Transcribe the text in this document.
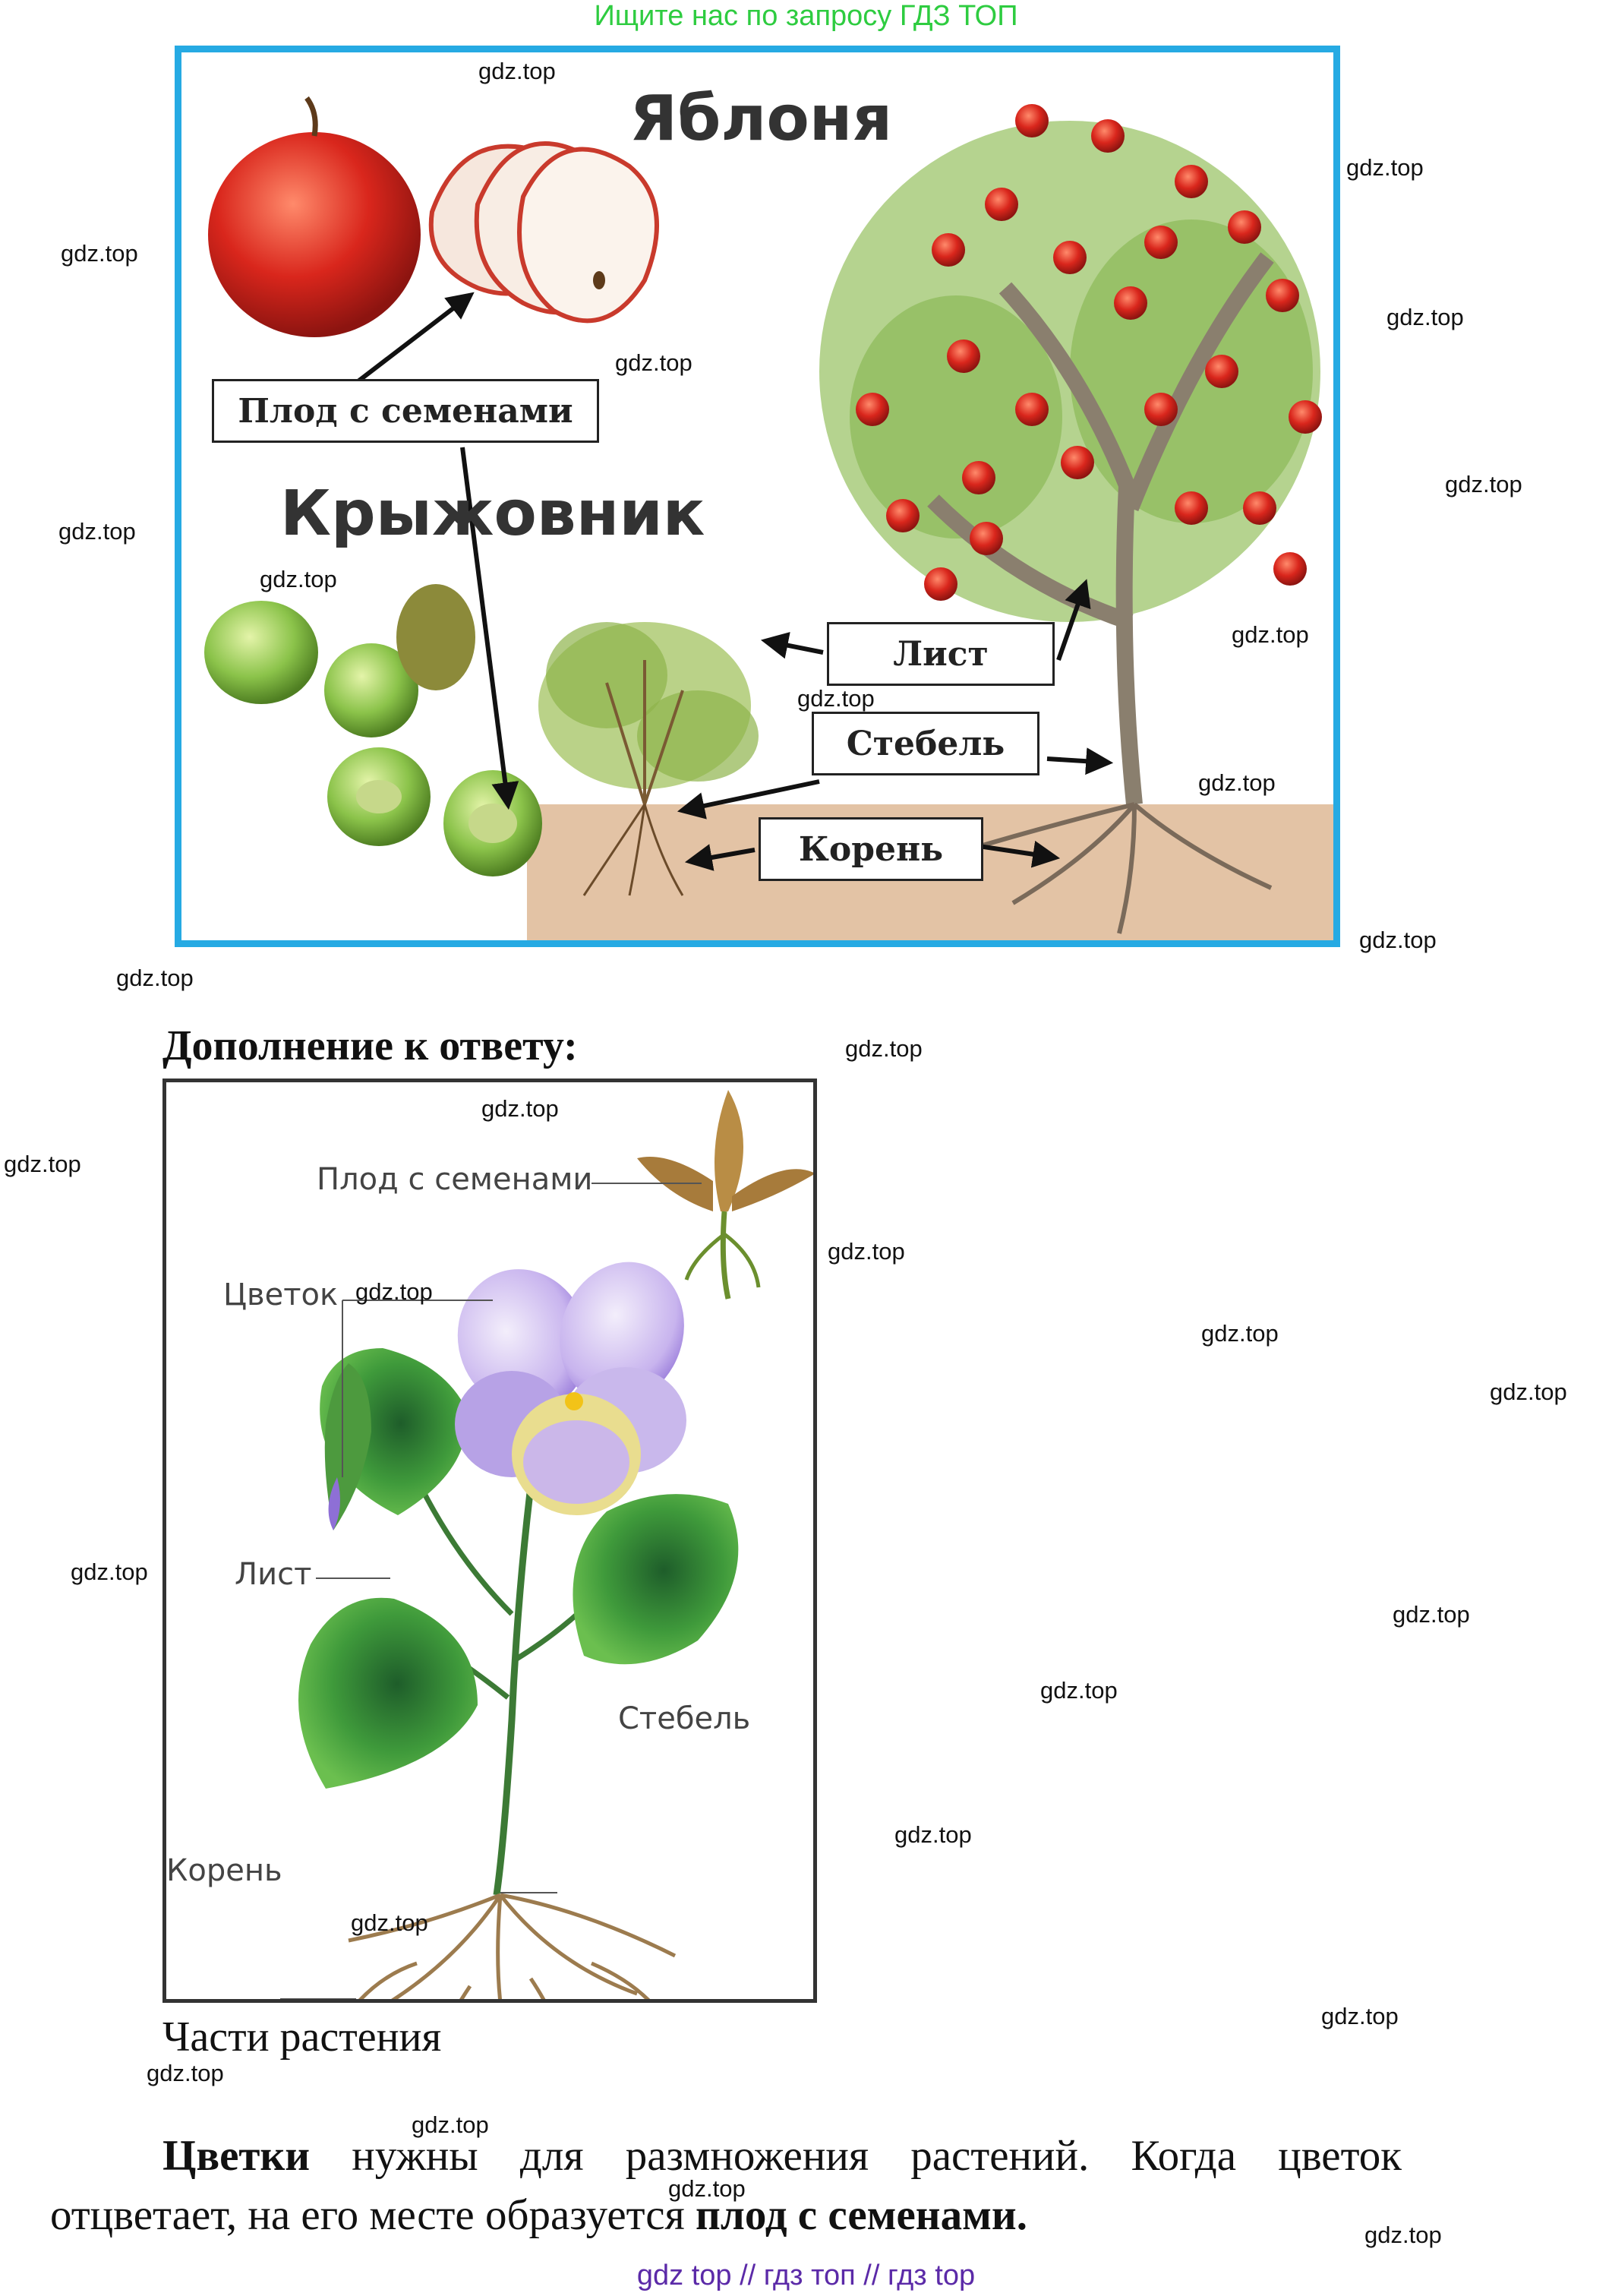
Ищите нас по запросу ГДЗ ТОП
Яблоня
Крыжовник
Плод с семенами
Лист
Стебель
Корень
Дополнение к ответу:
Плод с семенами
Цветок
Лист
Стебель
Корень
Части растения
Цветки нужны для размножения растений. Когда цветок
отцветает, на его месте образуется плод с семенами.
gdz top // гдз топ // гдз top
gdz.top
gdz.top
gdz.top
gdz.top
gdz.top
gdz.top
gdz.top
gdz.top
gdz.top
gdz.top
gdz.top
gdz.top
gdz.top
gdz.top
gdz.top
gdz.top
gdz.top
gdz.top
gdz.top
gdz.top
gdz.top
gdz.top
gdz.top
gdz.top
gdz.top
gdz.top
gdz.top
gdz.top
gdz.top
gdz.top
